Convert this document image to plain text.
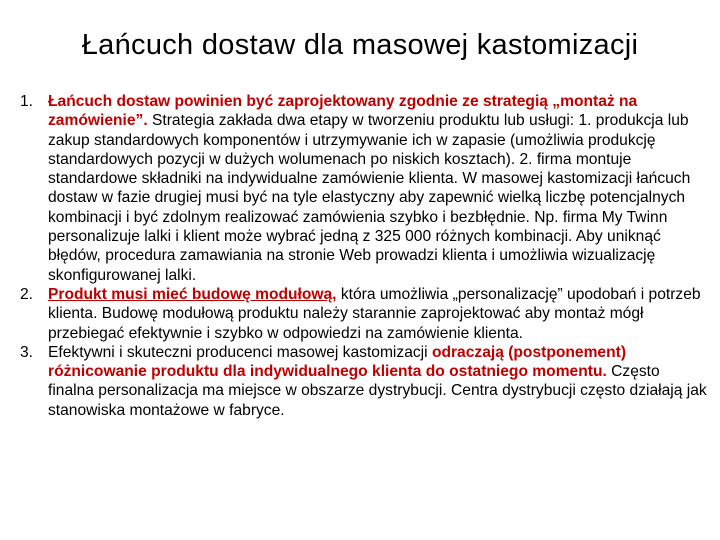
Łańcuch dostaw dla masowej kastomizacji
1. Łańcuch dostaw powinien być zaprojektowany zgodnie ze strategią „montaż na zamówienie”. Strategia zakłada dwa etapy w tworzeniu produktu lub usługi: 1. produkcja lub zakup standardowych komponentów i utrzymywanie ich w zapasie (umożliwia produkcję standardowych pozycji w dużych wolumenach po niskich kosztach). 2. firma montuje standardowe składniki na indywidualne zamówienie klienta. W masowej kastomizacji łańcuch dostaw w fazie drugiej musi być na tyle elastyczny aby zapewnić wielką liczbę potencjalnych kombinacji i być zdolnym realizować zamówienia szybko i bezbłędnie. Np. firma My Twinn personalizuje lalki i klient może wybrać jedną z 325 000 różnych kombinacji. Aby uniknąć błędów, procedura zamawiania na stronie Web prowadzi klienta i umożliwia wizualizację skonfigurowanej lalki.
2. Produkt musi mieć budowę modułową, która umożliwia „personalizację” upodobań i potrzeb klienta. Budowę modułową produktu należy starannie zaprojektować aby montaż mógł przebiegać efektywnie i szybko w odpowiedzi na zamówienie klienta.
3. Efektywni i skuteczni producenci masowej kastomizacji odraczają (postponement) różnicowanie produktu dla indywidualnego klienta do ostatniego momentu. Często finalna personalizacja ma miejsce w obszarze dystrybucji. Centra dystrybucji często działają jak stanowiska montażowe w fabryce.
